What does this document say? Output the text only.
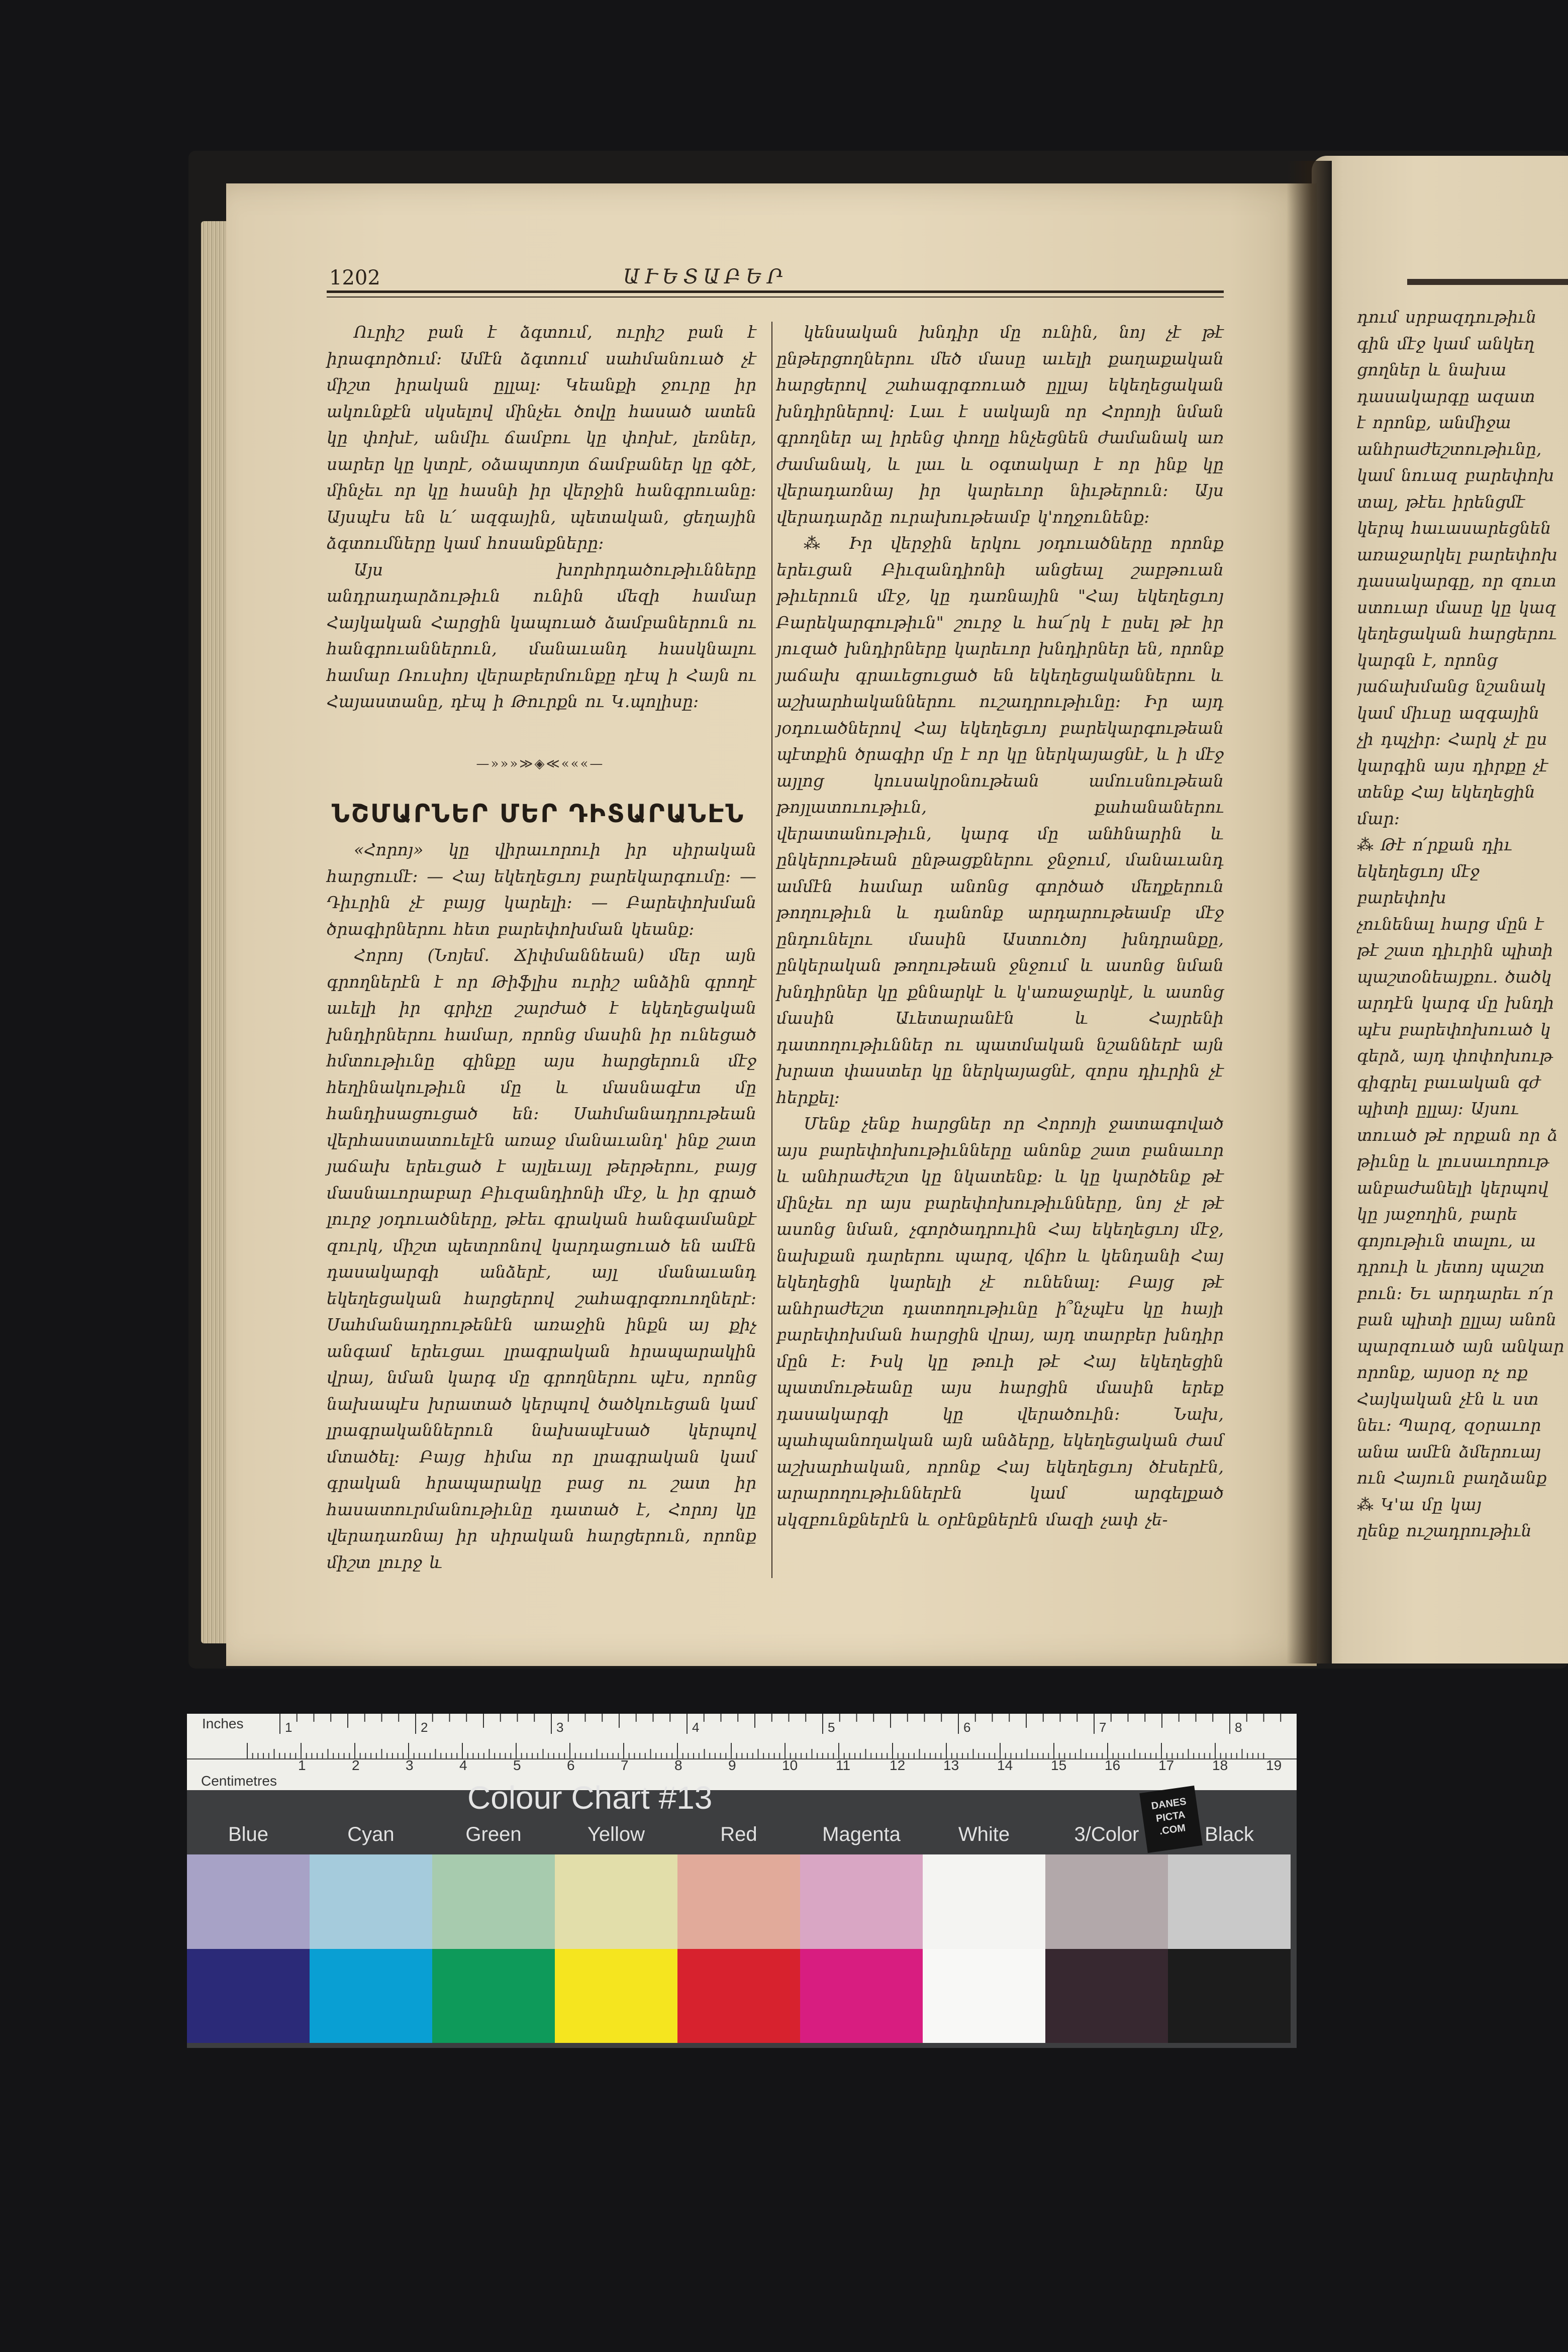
1202	ԱՒԵՏԱԲԵՐ

Ուրիշ բան է ձգտում, ուրիշ բան է իրագործում։ Ամէն ձգտում սահմանուած չէ միշտ իրական ըլլալ։ Կեանքի ջուրը իր ակունքէն սկսելով մինչեւ ծովը հասած ատեն կը փոխէ, անմիւ ճամբու կը փոխէ, լեռներ, սարեր կը կտրէ, օձապտոյտ ճամբաներ կը գծէ, մինչեւ որ կը հասնի իր վերջին հանգրուանը։ Այսպէս են և՛ ազգային, պետական, ցեղային ձգտումները կամ հոսանքները։

Այս խորհրդածութիւնները անդրադարձութիւն ունին մեզի համար Հայկական Հարցին կապուած ձամբաներուն ու հանգրուաններուն, մանաւանդ հասկնալու համար Ռուսիոյ վերաբերմունքը դէպ ի Հայն ու Հայաստանը, դէպ ի Թուրքն ու Կ.պոլիսը։

—»»»≫◈≪«««—
ՆՇՄԱՐՆԵՐ ՄԵՐ ԴԻՏԱՐԱՆԷՆ

«Հորոյ» կը վիրաւորուի իր սիրական հարցումէ։ — Հայ եկեղեցւոյ բարեկարգումը։ — Դիւրին չէ բայց կարելի։ — Բարեփոխման ծրագիրներու հետ բարեփոխման կեանք։

Հորոյ (Նոյեմ. Ճիփմաննեան) մեր այն գրողներէն է որ Թիֆլիս ուրիշ անձին գրողէ աւելի իր գրիչը շարժած է եկեղեցական խնդիրներու համար, որոնց մասին իր ունեցած հմտութիւնը գինքը այս հարցերուն մէջ հեղինակութիւն մը և մասնագէտ մը հանդիսացուցած են։ Սահմանադրութեան վերհաստատուելէն առաջ մանաւանդ' ինք շատ յաճախ երեւցած է այլեւայլ թերթերու, բայց մասնաւորաբար Բիւզանդիոնի մէջ, և իր գրած լուրջ յօդուածները, թէեւ գրական հանգամանքէ զուրկ, միշտ պետրոնով կարդացուած են ամէն դասակարգի անձերէ, այլ մանաւանդ եկեղեցական հարցերով շահագրգռուողներէ։ Սահմանադրութենէն առաջին ինքն այ քիչ անգամ երեւցաւ լրագրական հրապարակին վրայ, նման կարգ մը գրողներու պէս, որոնց նախապէս խրատած կերպով ծածկուեցան կամ լրագրականներուն նախապէսած կերպով մտածել։ Բայց հիմա որ լրագրական կամ գրական հրապարակը բաց ու շատ իր հասատուրմանութիւնը դատած է, Հորոյ կը վերադառնայ իր սիրական հարցերուն, որոնք միշտ լուրջ և

կենսական խնդիր մը ունին, նոյ չէ թէ ընթերցողներու մեծ մասը աւելի քաղաքական հարցերով շահագրգռուած ըլլայ եկեղեցական խնդիրներով։ Լաւ է սակայն որ Հորոյի նման գրողներ ալ իրենց փողը հնչեցնեն ժամանակ առ ժամանակ, և լաւ և օգտակար է որ ինք կը վերադառնայ իր կարեւոր նիւթերուն։ Այս վերադարձը ուրախութեամբ կ'ողջունենք։

⁂ Իր վերջին երկու յօդուածները որոնք երեւցան Բիւզանդիոնի անցեալ շաբթուան թիւերուն մէջ, կը դառնային "Հայ եկեղեցւոյ Բարեկարգութիւն" շուրջ և հա՜րկ է ըսել թէ իր յուզած խնդիրները կարեւոր խնդիրներ են, որոնք յաճախ գրաւեցուցած են եկեղեցականներու և աշխարհականներու ուշադրութիւնը։ Իր այդ յօդուածներով Հայ եկեղեցւոյ բարեկարգութեան պէտքին ծրագիր մը է որ կը ներկայացնէ, և ի մէջ այլոց կուսակրօնութեան ամուսնութեան թոյլատուութիւն, քահանաներու վերատանութիւն, կարգ մը անհնարին և ընկերութեան ընթացքներու ջնջում, մանաւանդ ամմէն համար անոնց գործած մեղքերուն թողութիւն և դանոնք արդարութեամբ մէջ ընդունելու մասին Աստուծոյ խնդրանքը, ընկերական թողութեան ջնջում և ասոնց նման խնդիրներ կը քննարկէ և կ'առաջարկէ, և ասոնց մասին Աւետարանէն և Հայրենի դատողութիւններ ու պատմական նշաններէ այն խրատ փաստեր կը ներկայացնէ, զորս դիւրին չէ հերքել։

Մենք չենք հարցներ որ Հորոյի ջատագոված այս բարեփոխութիւնները անոնք շատ բանաւոր և անհրաժեշտ կը նկատենք։ և կը կարծենք թէ մինչեւ որ այս բարեփոխութիւնները, նոյ չէ թէ ասոնց նման, չգործադրուին Հայ եկեղեցւոյ մէջ, նախքան դարերու պարզ, վճիռ և կենդանի Հայ եկեղեցին կարելի չէ ունենալ։ Բայց թէ անհրաժեշտ դատողութիւնը ի՞նչպէս կը հայի բարեփոխման հարցին վրայ, այդ տարբեր խնդիր մըն է։ Իսկ կը թուի թէ Հայ եկեղեցին պատմութեանը այս հարցին մասին երեք դասակարգի կը վերածուին։ Նախ, պահպանողական այն անձերը, եկեղեցական ժամ աշխարհական, որոնք Հայ եկեղեցւոյ ծէսերէն, արարողութիւններէն կամ արգելքած սկզբունքներէն և օրէնքներէն մազի չափ չե-

դում սրբազդութիւն

գին մէջ կամ անկեղ

ցողներ և նախա

դասակարգը ազատ

է որոնք, անմիջա

անհրաժեշտութիւնը,

կամ նուազ բարեփոխ

տալ, թէեւ իրենցմէ

կերպ հաւասարեցնեն

առաջարկել բարեփոխ

դասակարգը, որ զուտ

ստուար մասը կը կազ

կեղեցական հարցերու

կարգն է, որոնց

յաճախմանց նշանակ

կամ միւսը ազգային

չի դպչիր։ Հարկ չէ ըս

կարգին այս դիրքը չէ

տենք Հայ եկեղեցին

մար։

⁂ Թէ ո՛րքան դիւ

եկեղեցւոյ մէջ բարեփոխ

չունենալ հարց մըն է

թէ շատ դիւրին պիտի

պաշտօնեայքու. ծածկ

արդէն կարգ մը խնդի

պէս բարեփոխուած կ

գերձ, այդ փոփոխութ

գիգրել բաւական գժ

պիտի ըլլայ։ Այսու

տուած թէ որքան որ ձ

թիւնը և լուսաւորութ

անբաժանելի կերպով

կը յաջողին, բարե

գոյութիւն տալու, ա

դրուի և յետոյ պաշտ

բուն։ Եւ արդարեւ ո՛ր

բան պիտի ըլլայ անոն

պարզուած այն անկար

որոնք, այսօր ոչ ոք

Հայկական չէն և ստ

նեւ։ Պարզ, զօրաւոր

անա ամէն ձմերուայ

ուն Հայուն բաղձանք

⁂ Կ'ա մը կայ

ղենք ուշադրութիւն

1	2	3	4	5	6	7	8
1	2	3	4	5	6	7	8	9	10	11	12	13	14	15	16	17	18	19
Inches
Centimetres	Colour Chart #13	DANES PICTA .COM
Blue	Cyan	Green	Yellow	Red	Magenta	White	3/Color	Black
